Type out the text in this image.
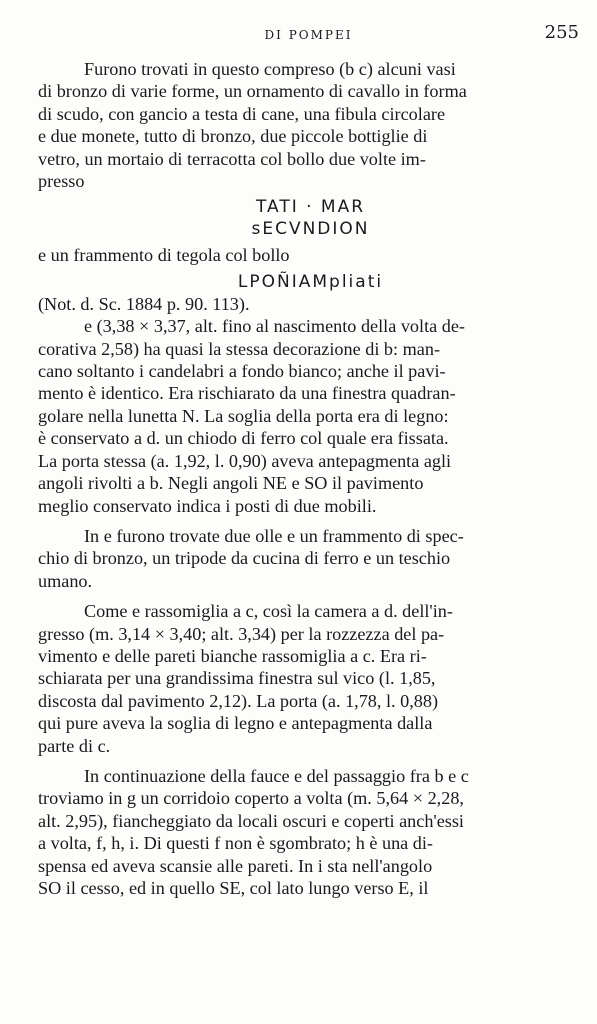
DI POMPEI	255
Furono trovati in questo compreso (b c) alcuni vasi
di bronzo di varie forme, un ornamento di cavallo in forma
di scudo, con gancio a testa di cane, una fibula circolare
e due monete, tutto di bronzo, due piccole bottiglie di
vetro, un mortaio di terracotta col bollo due volte im-
presso
TATI · MAR
sECVNDION
e un frammento di tegola col bollo
LPOÑIAMpliati
(Not. d. Sc. 1884 p. 90. 113).
e (3,38 × 3,37, alt. fino al nascimento della volta de-
corativa 2,58) ha quasi la stessa decorazione di b: man-
cano soltanto i candelabri a fondo bianco; anche il pavi-
mento è identico. Era rischiarato da una finestra quadran-
golare nella lunetta N. La soglia della porta era di legno:
è conservato a d. un chiodo di ferro col quale era fissata.
La porta stessa (a. 1,92, l. 0,90) aveva antepagmenta agli
angoli rivolti a b. Negli angoli NE e SO il pavimento
meglio conservato indica i posti di due mobili.
In e furono trovate due olle e un frammento di spec-
chio di bronzo, un tripode da cucina di ferro e un teschio
umano.
Come e rassomiglia a c, così la camera a d. dell'in-
gresso (m. 3,14 × 3,40; alt. 3,34) per la rozzezza del pa-
vimento e delle pareti bianche rassomiglia a c. Era ri-
schiarata per una grandissima finestra sul vico (l. 1,85,
discosta dal pavimento 2,12). La porta (a. 1,78, l. 0,88)
qui pure aveva la soglia di legno e antepagmenta dalla
parte di c.
In continuazione della fauce e del passaggio fra b e c
troviamo in g un corridoio coperto a volta (m. 5,64 × 2,28,
alt. 2,95), fiancheggiato da locali oscuri e coperti anch'essi
a volta, f, h, i. Di questi f non è sgombrato; h è una di-
spensa ed aveva scansie alle pareti. In i sta nell'angolo
SO il cesso, ed in quello SE, col lato lungo verso E, il
